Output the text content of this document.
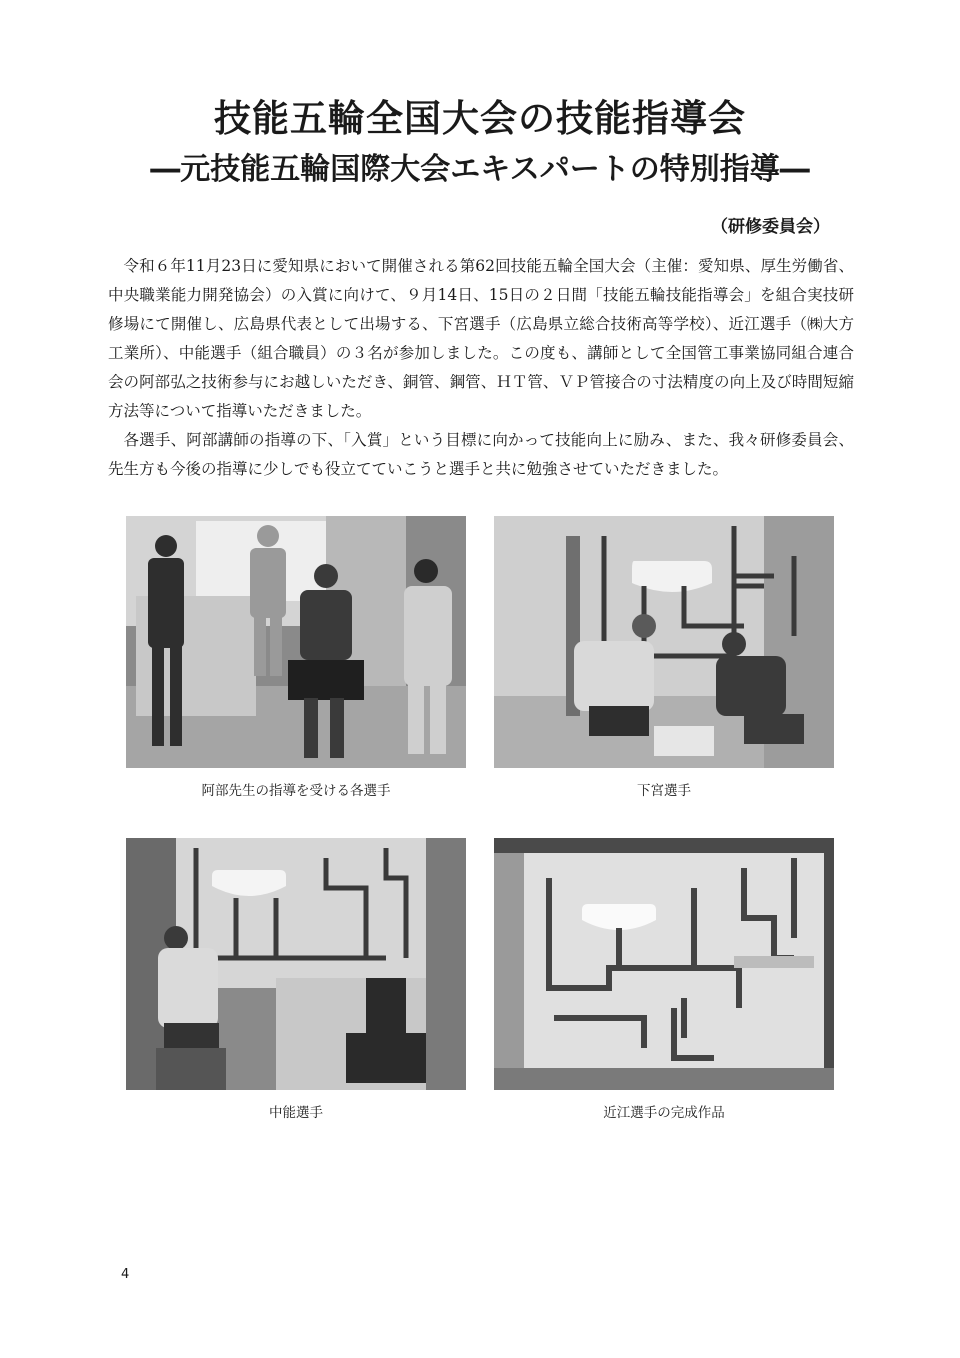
技能五輪全国大会の技能指導会
―元技能五輪国際大会エキスパートの特別指導―
（研修委員会）

令和６年11月23日に愛知県において開催される第62回技能五輪全国大会（主催：愛知県、厚生労働省、中央職業能力開発協会）の入賞に向けて、９月14日、15日の２日間「技能五輪技能指導会」を組合実技研修場にて開催し、広島県代表として出場する、下宮選手（広島県立総合技術高等学校）、近江選手（㈱大方工業所）、中能選手（組合職員）の３名が参加しました。この度も、講師として全国管工事業協同組合連合会の阿部弘之技術参与にお越しいただき、銅管、鋼管、ＨＴ管、ＶＰ管接合の寸法精度の向上及び時間短縮方法等について指導いただきました。

各選手、阿部講師の指導の下、「入賞」という目標に向かって技能向上に励み、また、我々研修委員会、先生方も今後の指導に少しでも役立てていこうと選手と共に勉強させていただきました。

阿部先生の指導を受ける各選手	下宮選手
中能選手	近江選手の完成作品
4
